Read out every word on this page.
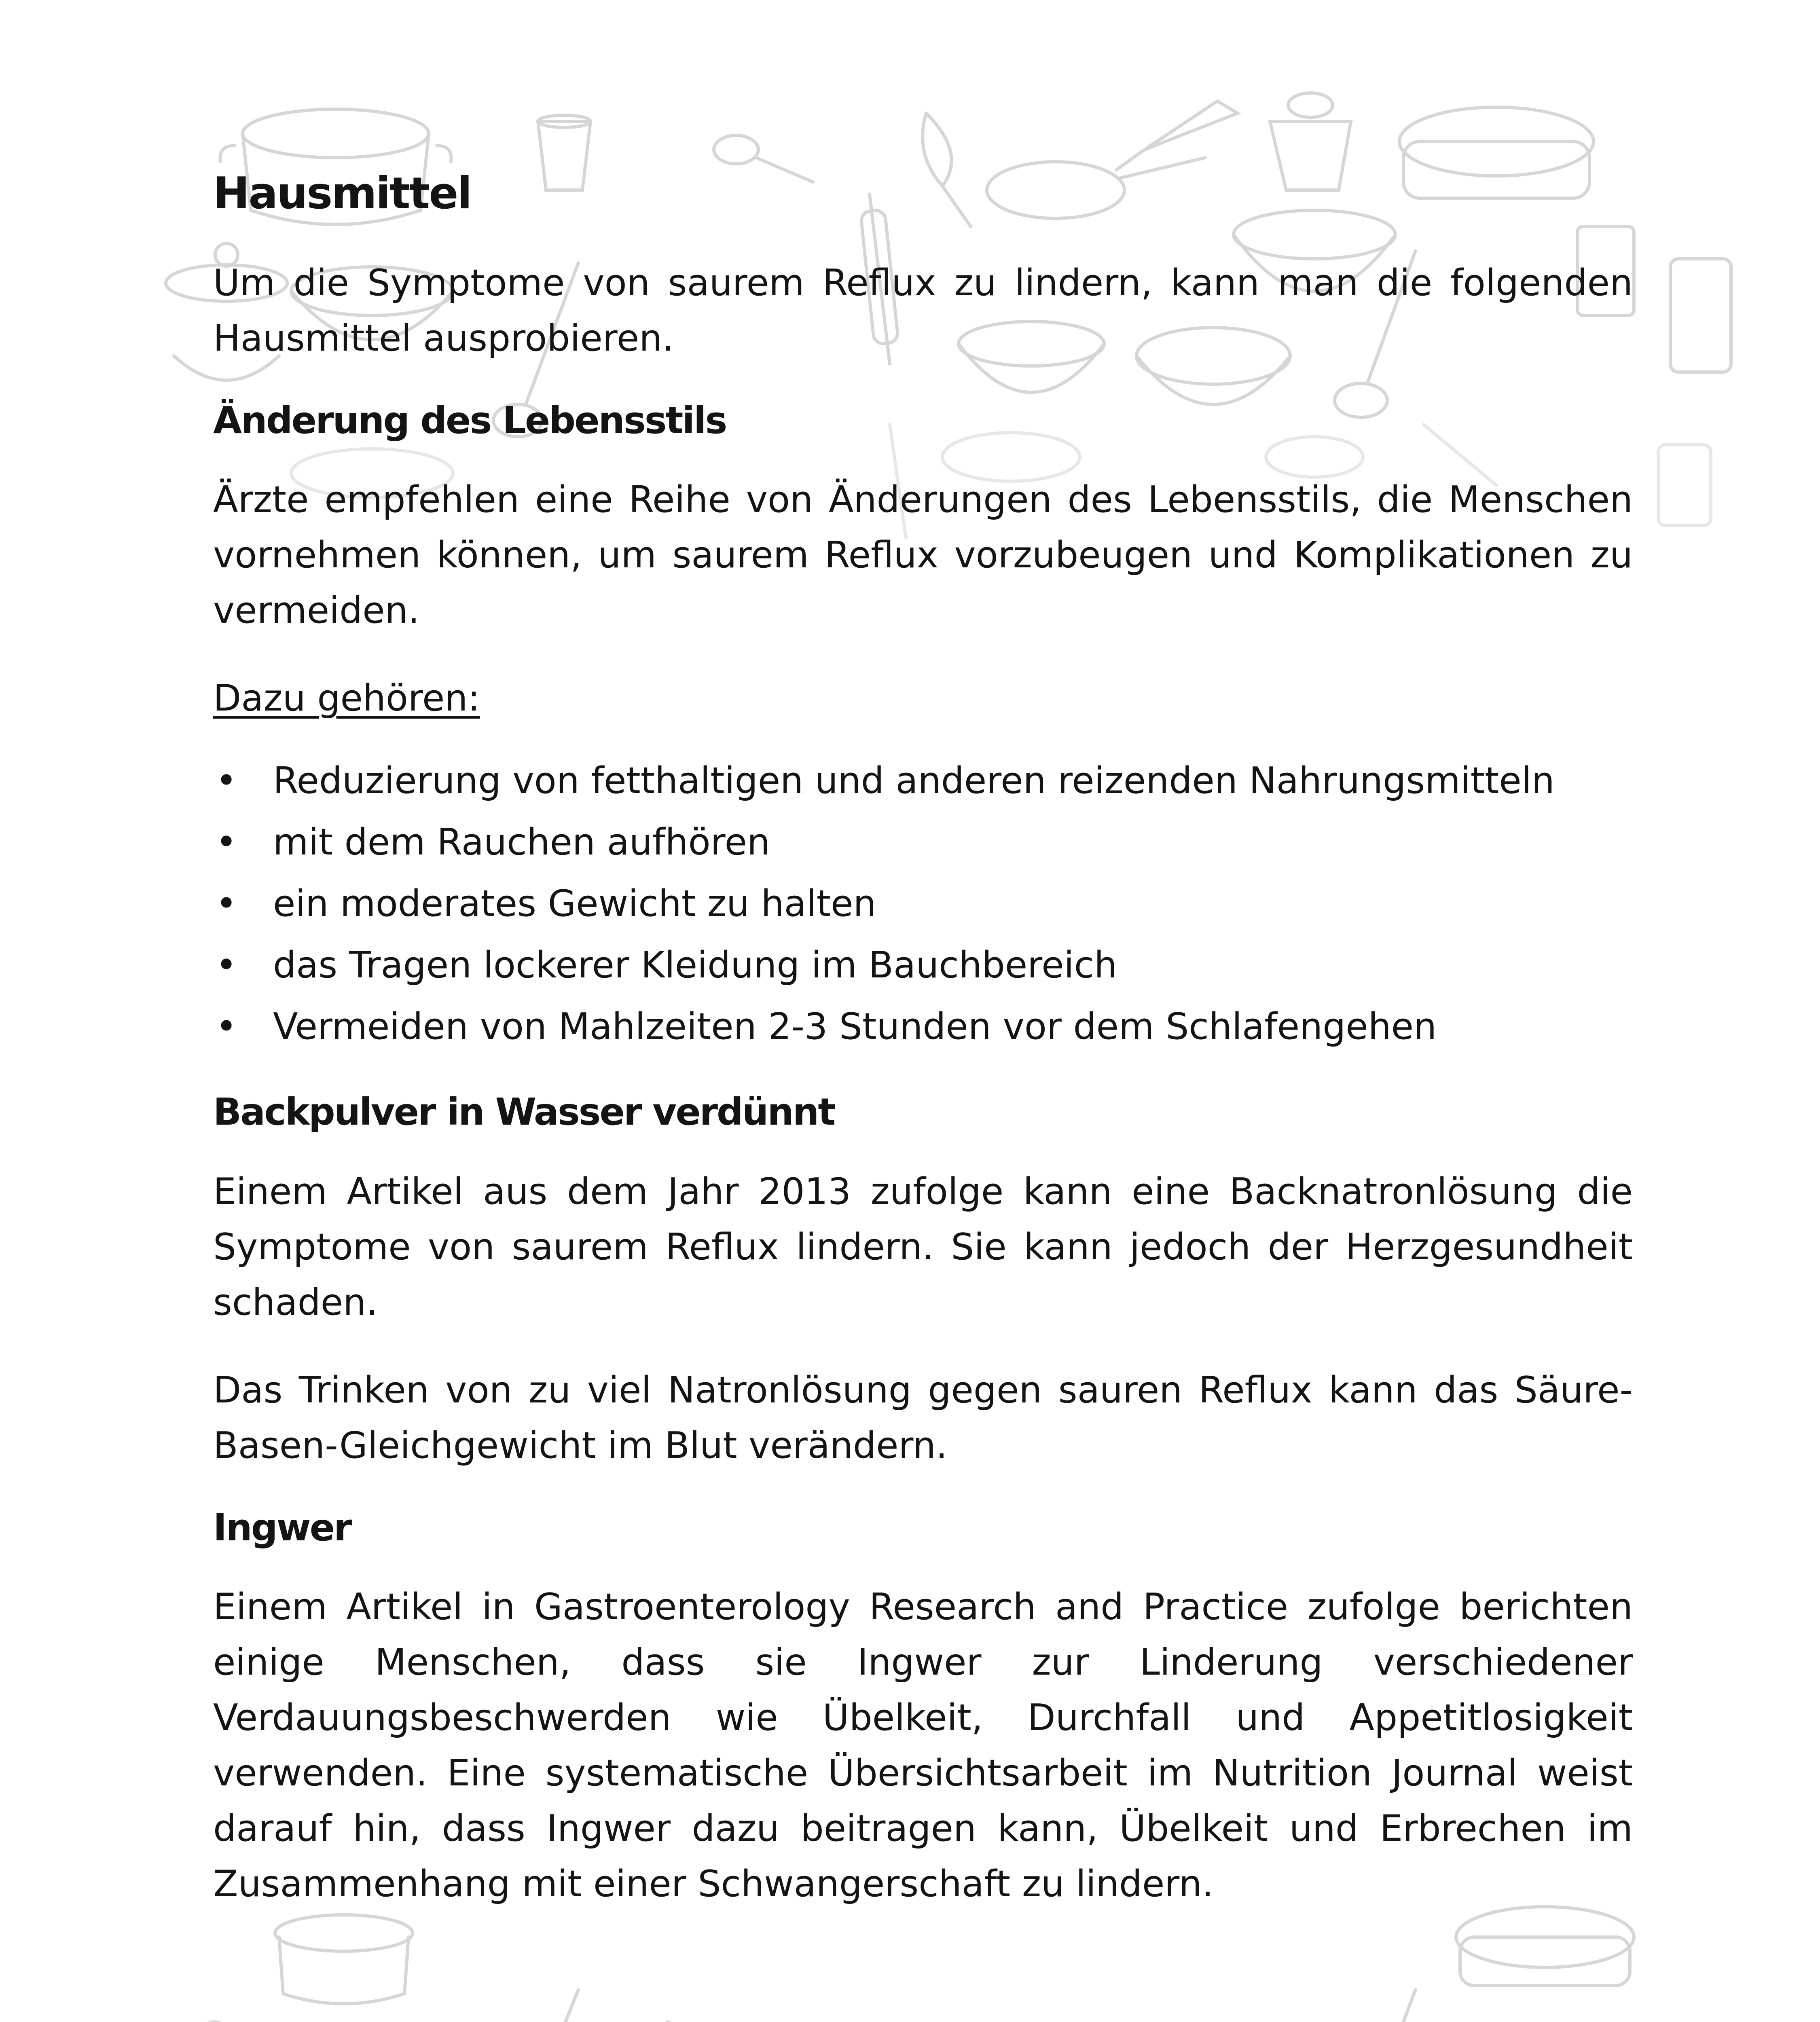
Hausmittel

Um die Symptome von saurem Reflux zu lindern, kann man die folgenden Hausmittel ausprobieren.

Änderung des Lebensstils

Ärzte empfehlen eine Reihe von Änderungen des Lebensstils, die Menschen vornehmen können, um saurem Reflux vorzubeugen und Komplikationen zu vermeiden.

Dazu gehören:

• Reduzierung von fetthaltigen und anderen reizenden Nahrungsmitteln
• mit dem Rauchen aufhören
• ein moderates Gewicht zu halten
• das Tragen lockerer Kleidung im Bauchbereich
• Vermeiden von Mahlzeiten 2-3 Stunden vor dem Schlafengehen
Backpulver in Wasser verdünnt

Einem Artikel aus dem Jahr 2013 zufolge kann eine Backnatronlösung die Symptome von saurem Reflux lindern. Sie kann jedoch der Herzgesundheit schaden.

Das Trinken von zu viel Natronlösung gegen sauren Reflux kann das Säure-Basen-Gleichgewicht im Blut verändern.

Ingwer

Einem Artikel in Gastroenterology Research and Practice zufolge berichten einige Menschen, dass sie Ingwer zur Linderung verschiedener Verdauungsbeschwerden wie Übelkeit, Durchfall und Appetitlosigkeit verwenden. Eine systematische Übersichtsarbeit im Nutrition Journal weist darauf hin, dass Ingwer dazu beitragen kann, Übelkeit und Erbrechen im Zusammenhang mit einer Schwangerschaft zu lindern.
